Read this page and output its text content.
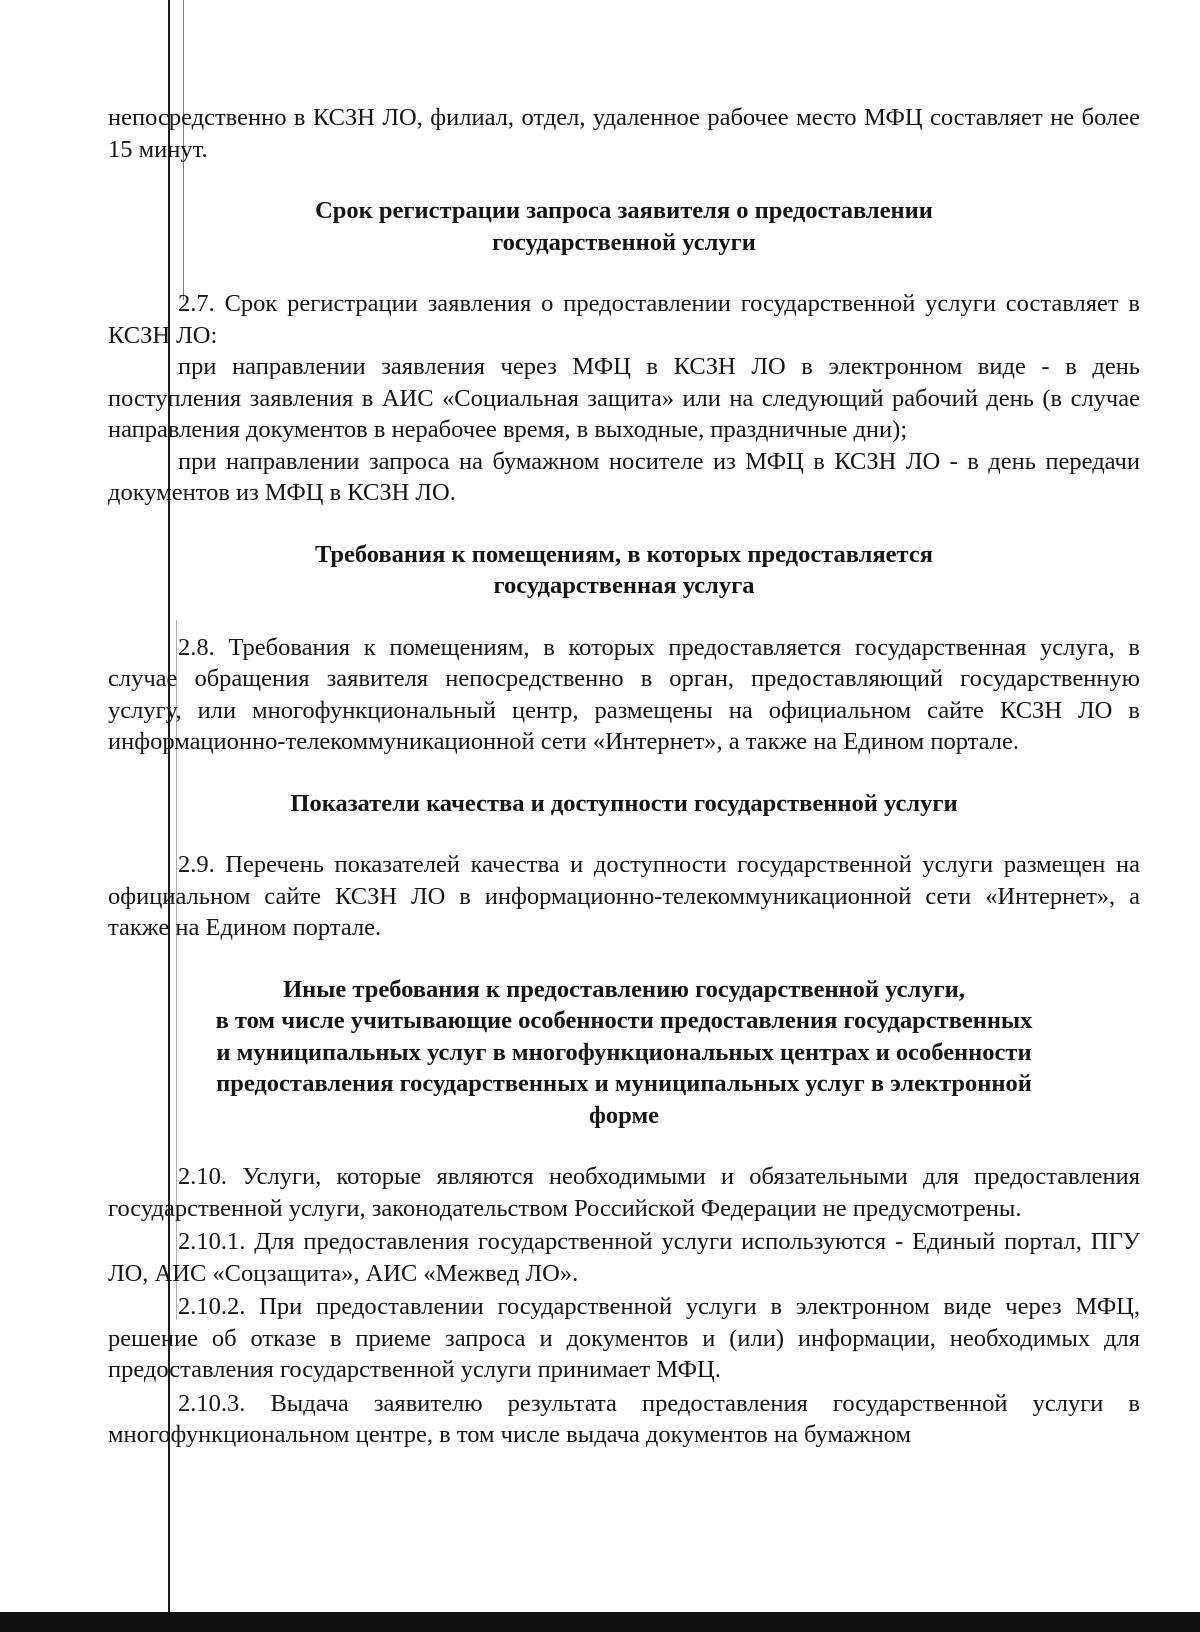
непосредственно в КСЗН ЛО, филиал, отдел, удаленное рабочее место МФЦ составляет не более 15 минут.

Срок регистрации запроса заявителя о предоставлении
государственной услуги

2.7. Срок регистрации заявления о предоставлении государственной услуги составляет в КСЗН ЛО:

при направлении заявления через МФЦ в КСЗН ЛО в электронном виде - в день поступления заявления в АИС «Социальная защита» или на следующий рабочий день (в случае направления документов в нерабочее время, в выходные, праздничные дни);

при направлении запроса на бумажном носителе из МФЦ в КСЗН ЛО - в день передачи документов из МФЦ в КСЗН ЛО.

Требования к помещениям, в которых предоставляется
государственная услуга

2.8. Требования к помещениям, в которых предоставляется государственная услуга, в случае обращения заявителя непосредственно в орган, предоставляющий государственную услугу, или многофункциональный центр, размещены на официальном сайте КСЗН ЛО в информационно-телекоммуникационной сети «Интернет», а также на Едином портале.

Показатели качества и доступности государственной услуги

2.9. Перечень показателей качества и доступности государственной услуги размещен на официальном сайте КСЗН ЛО в информационно-телекоммуникационной сети «Интернет», а также на Едином портале.

Иные требования к предоставлению государственной услуги,
в том числе учитывающие особенности предоставления государственных
и муниципальных услуг в многофункциональных центрах и особенности
предоставления государственных и муниципальных услуг в электронной
форме

2.10. Услуги, которые являются необходимыми и обязательными для предоставления государственной услуги, законодательством Российской Федерации не предусмотрены.

2.10.1. Для предоставления государственной услуги используются - Единый портал, ПГУ ЛО, АИС «Соцзащита», АИС «Межвед ЛО».

2.10.2. При предоставлении государственной услуги в электронном виде через МФЦ, решение об отказе в приеме запроса и документов и (или) информации, необходимых для предоставления государственной услуги принимает МФЦ.

2.10.3. Выдача заявителю результата предоставления государственной услуги в многофункциональном центре, в том числе выдача документов на бумажном
